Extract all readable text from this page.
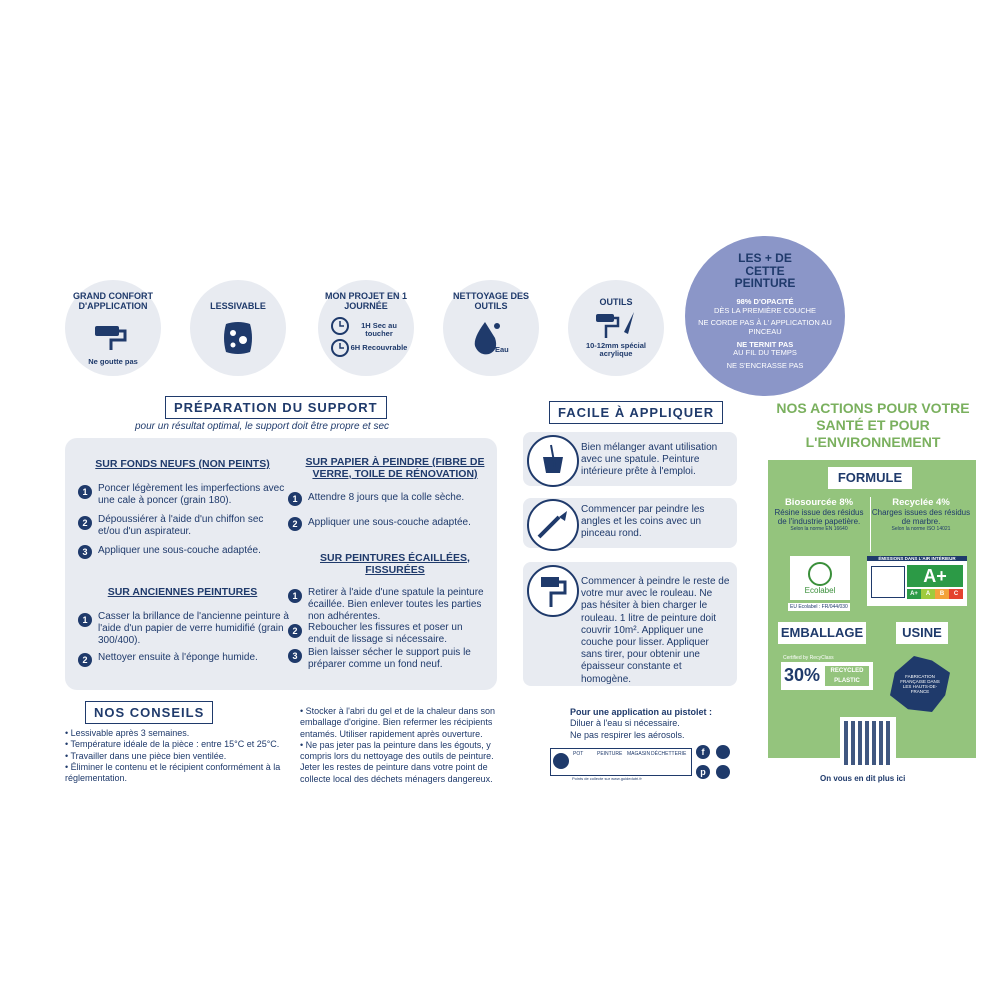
GRAND CONFORT D'APPLICATION
Ne goutte pas
LESSIVABLE
MON PROJET EN 1 JOURNÉE
1H Sec au toucher
6H Recouvrable
NETTOYAGE DES OUTILS
Eau
OUTILS
10-12mm spécial acrylique
LES + DE CETTE PEINTURE
98% D'OPACITÉ
DÈS LA PREMIÈRE COUCHE
NE CORDE PAS À L' APPLICATION AU PINCEAU
NE TERNIT PAS
AU FIL DU TEMPS
NE S'ENCRASSE PAS
PRÉPARATION DU SUPPORT
pour un résultat optimal, le support doit être propre et sec
SUR FONDS NEUFS (NON PEINTS)
1	Poncer légèrement les imperfections avec une cale à poncer (grain 180).
2	Dépoussiérer à l'aide d'un chiffon sec et/ou d'un aspirateur.
3	Appliquer une sous-couche adaptée.
SUR ANCIENNES PEINTURES
1	Casser la brillance de l'ancienne peinture à l'aide d'un papier de verre humidifié (grain 300/400).
2	Nettoyer ensuite à l'éponge humide.
SUR PAPIER À PEINDRE (FIBRE DE VERRE, TOILE DE RÉNOVATION)
1	Attendre 8 jours que la colle sèche.
2	Appliquer une sous-couche adaptée.
SUR PEINTURES ÉCAILLÉES, FISSURÉES
1	Retirer à l'aide d'une spatule la peinture écaillée. Bien enlever toutes les parties non adhérentes.
2	Reboucher les fissures et poser un enduit de lissage si nécessaire.
3	Bien laisser sécher le support puis le préparer comme un fond neuf.
NOS CONSEILS
• Lessivable après 3 semaines.
• Température idéale de la pièce : entre 15°C et 25°C.
• Travailler dans une pièce bien ventilée.
• Éliminer le contenu et le récipient conformément à la réglementation.
• Stocker à l'abri du gel et de la chaleur dans son emballage d'origine. Bien refermer les récipients entamés. Utiliser rapidement après ouverture.
• Ne pas jeter pas la peinture dans les égouts, y compris lors du nettoyage des outils de peinture. Jeter les restes de peinture dans votre point de collecte local des déchets ménagers dangereux.
FACILE À APPLIQUER
Bien mélanger avant utilisation avec une spatule. Peinture intérieure prête à l'emploi.
Commencer par peindre les angles et les coins avec un pinceau rond.
Commencer à peindre le reste de votre mur avec le rouleau. Ne pas hésiter à bien charger le rouleau. 1 litre de peinture doit couvrir 10m². Appliquer une couche pour lisser. Appliquer sans tirer, pour obtenir une épaisseur constante et homogène.
Pour une application au pistolet :
Diluer à l'eau si nécessaire.
Ne pas respirer les aérosols.
POT	PEINTURE MAGASIN DÉCHETTERIE
Points de collecte sur www.guidedutri.fr
f
p
NOS ACTIONS POUR VOTRE SANTÉ ET POUR L'ENVIRONNEMENT
FORMULE
Biosourcée 8%
Résine issue des résidus de l'industrie papetière.
Selon la norme EN 16640
Recyclée 4%
Charges issues des résidus de marbre.
Selon la norme ISO 14021
Ecolabel
EU Ecolabel : FR/044/030
ÉMISSIONS DANS L'AIR INTÉRIEUR
A+
A+	A	B	C
EMBALLAGE	USINE
Certified by RecyClass
30%	RECYCLED PLASTIC
FABRICATION FRANÇAISE DANS LES HAUTS-DE-FRANCE
On vous en dit plus ici
